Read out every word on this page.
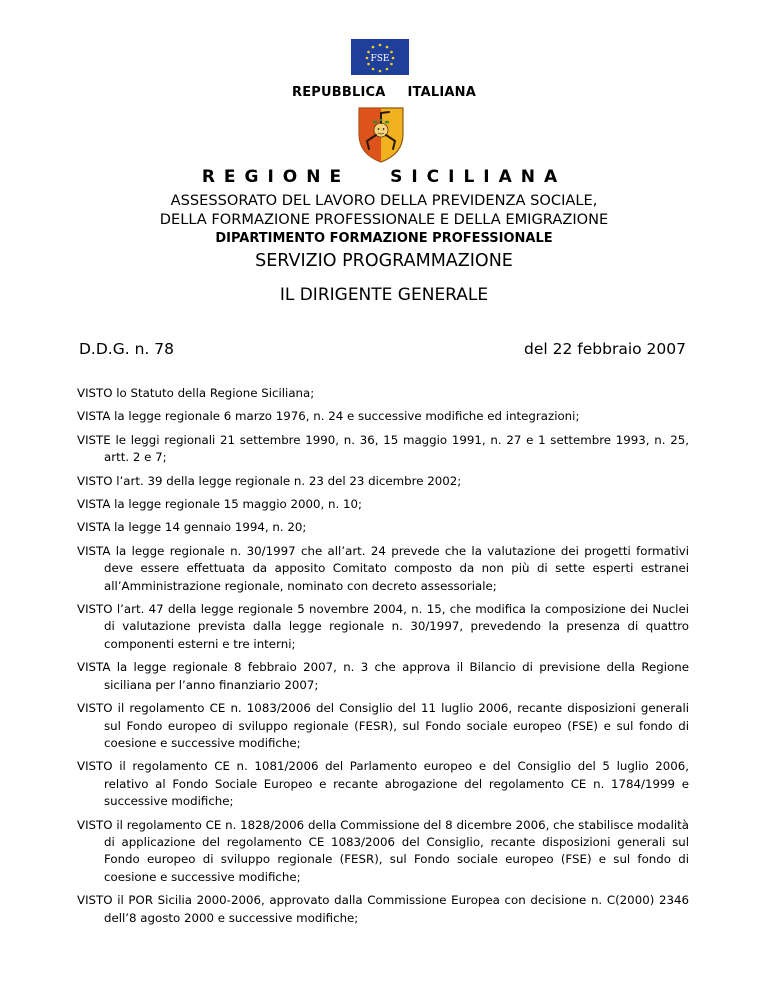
FSE
REPUBBLICA ITALIANA
REGIONE SICILIANA
ASSESSORATO DEL LAVORO DELLA PREVIDENZA SOCIALE,
DELLA FORMAZIONE PROFESSIONALE E DELLA EMIGRAZIONE
DIPARTIMENTO FORMAZIONE PROFESSIONALE
SERVIZIO PROGRAMMAZIONE
IL DIRIGENTE GENERALE
D.D.G. n. 78	del 22 febbraio 2007

VISTO lo Statuto della Regione Siciliana;

VISTA la legge regionale 6 marzo 1976, n. 24 e successive modifiche ed integrazioni;

VISTE le leggi regionali 21 settembre 1990, n. 36, 15 maggio 1991, n. 27 e 1 settembre 1993, n. 25, artt. 2 e 7;

VISTO l’art. 39 della legge regionale n. 23 del 23 dicembre 2002;

VISTA la legge regionale 15 maggio 2000, n. 10;

VISTA la legge 14 gennaio 1994, n. 20;

VISTA la legge regionale n. 30/1997 che all’art. 24 prevede che la valutazione dei progetti formativi deve essere effettuata da apposito Comitato composto da non più di sette esperti estranei all’Amministrazione regionale, nominato con decreto assessoriale;

VISTO l’art. 47 della legge regionale 5 novembre 2004, n. 15, che modifica la composizione dei Nuclei di valutazione prevista dalla legge regionale n. 30/1997, prevedendo la presenza di quattro componenti esterni e tre interni;

VISTA la legge regionale 8 febbraio 2007, n. 3 che approva il Bilancio di previsione della Regione siciliana per l’anno finanziario 2007;

VISTO il regolamento CE n. 1083/2006 del Consiglio del 11 luglio 2006, recante disposizioni generali sul Fondo europeo di sviluppo regionale (FESR), sul Fondo sociale europeo (FSE) e sul fondo di coesione e successive modifiche;

VISTO il regolamento CE n. 1081/2006 del Parlamento europeo e del Consiglio del 5 luglio 2006, relativo al Fondo Sociale Europeo e recante abrogazione del regolamento CE n. 1784/1999 e successive modifiche;

VISTO il regolamento CE n. 1828/2006 della Commissione del 8 dicembre 2006, che stabilisce modalità di applicazione del regolamento CE 1083/2006 del Consiglio, recante disposizioni generali sul Fondo europeo di sviluppo regionale (FESR), sul Fondo sociale europeo (FSE) e sul fondo di coesione e successive modifiche;

VISTO il POR Sicilia 2000-2006, approvato dalla Commissione Europea con decisione n. C(2000) 2346 dell’8 agosto 2000 e successive modifiche;
